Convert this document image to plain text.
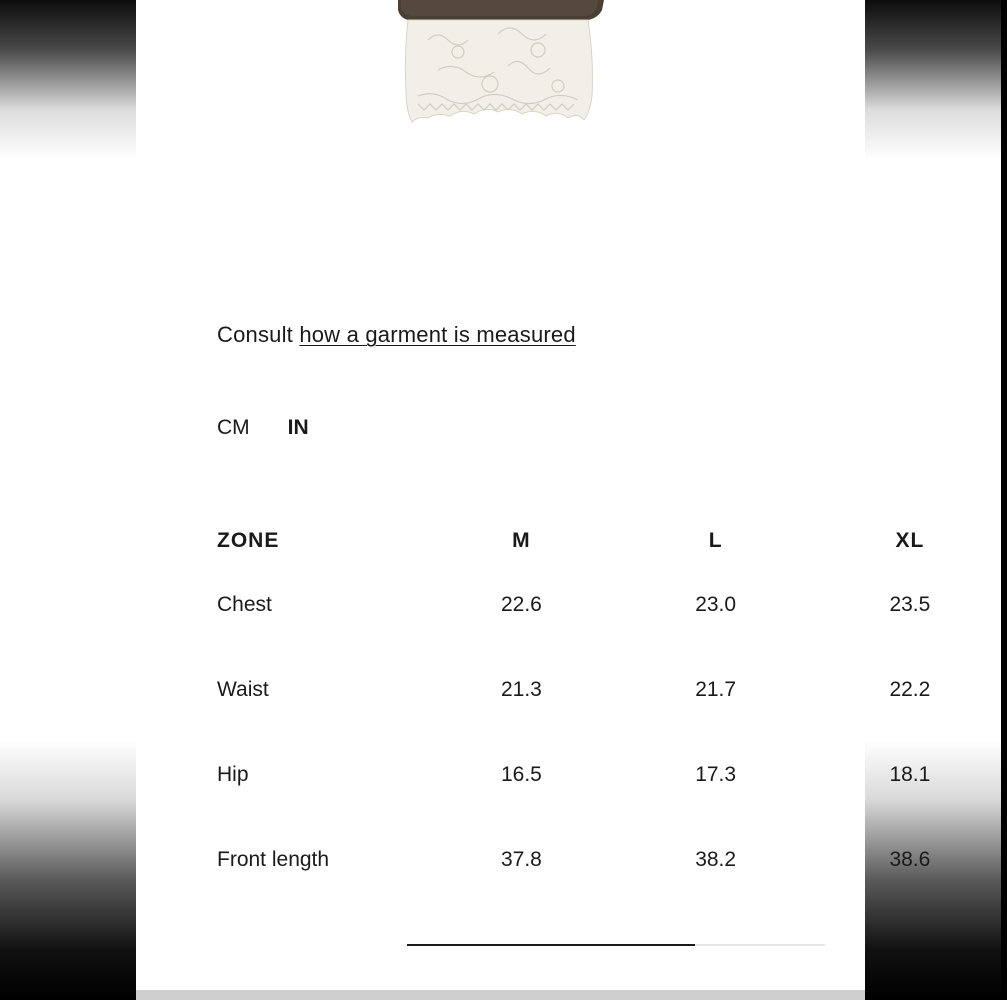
Consult how a garment is measured
CM IN
ZONE	M	L	XL
Chest	22.6	23.0	23.5
Waist	21.3	21.7	22.2
Hip	16.5	17.3	18.1
Front length	37.8	38.2	38.6
